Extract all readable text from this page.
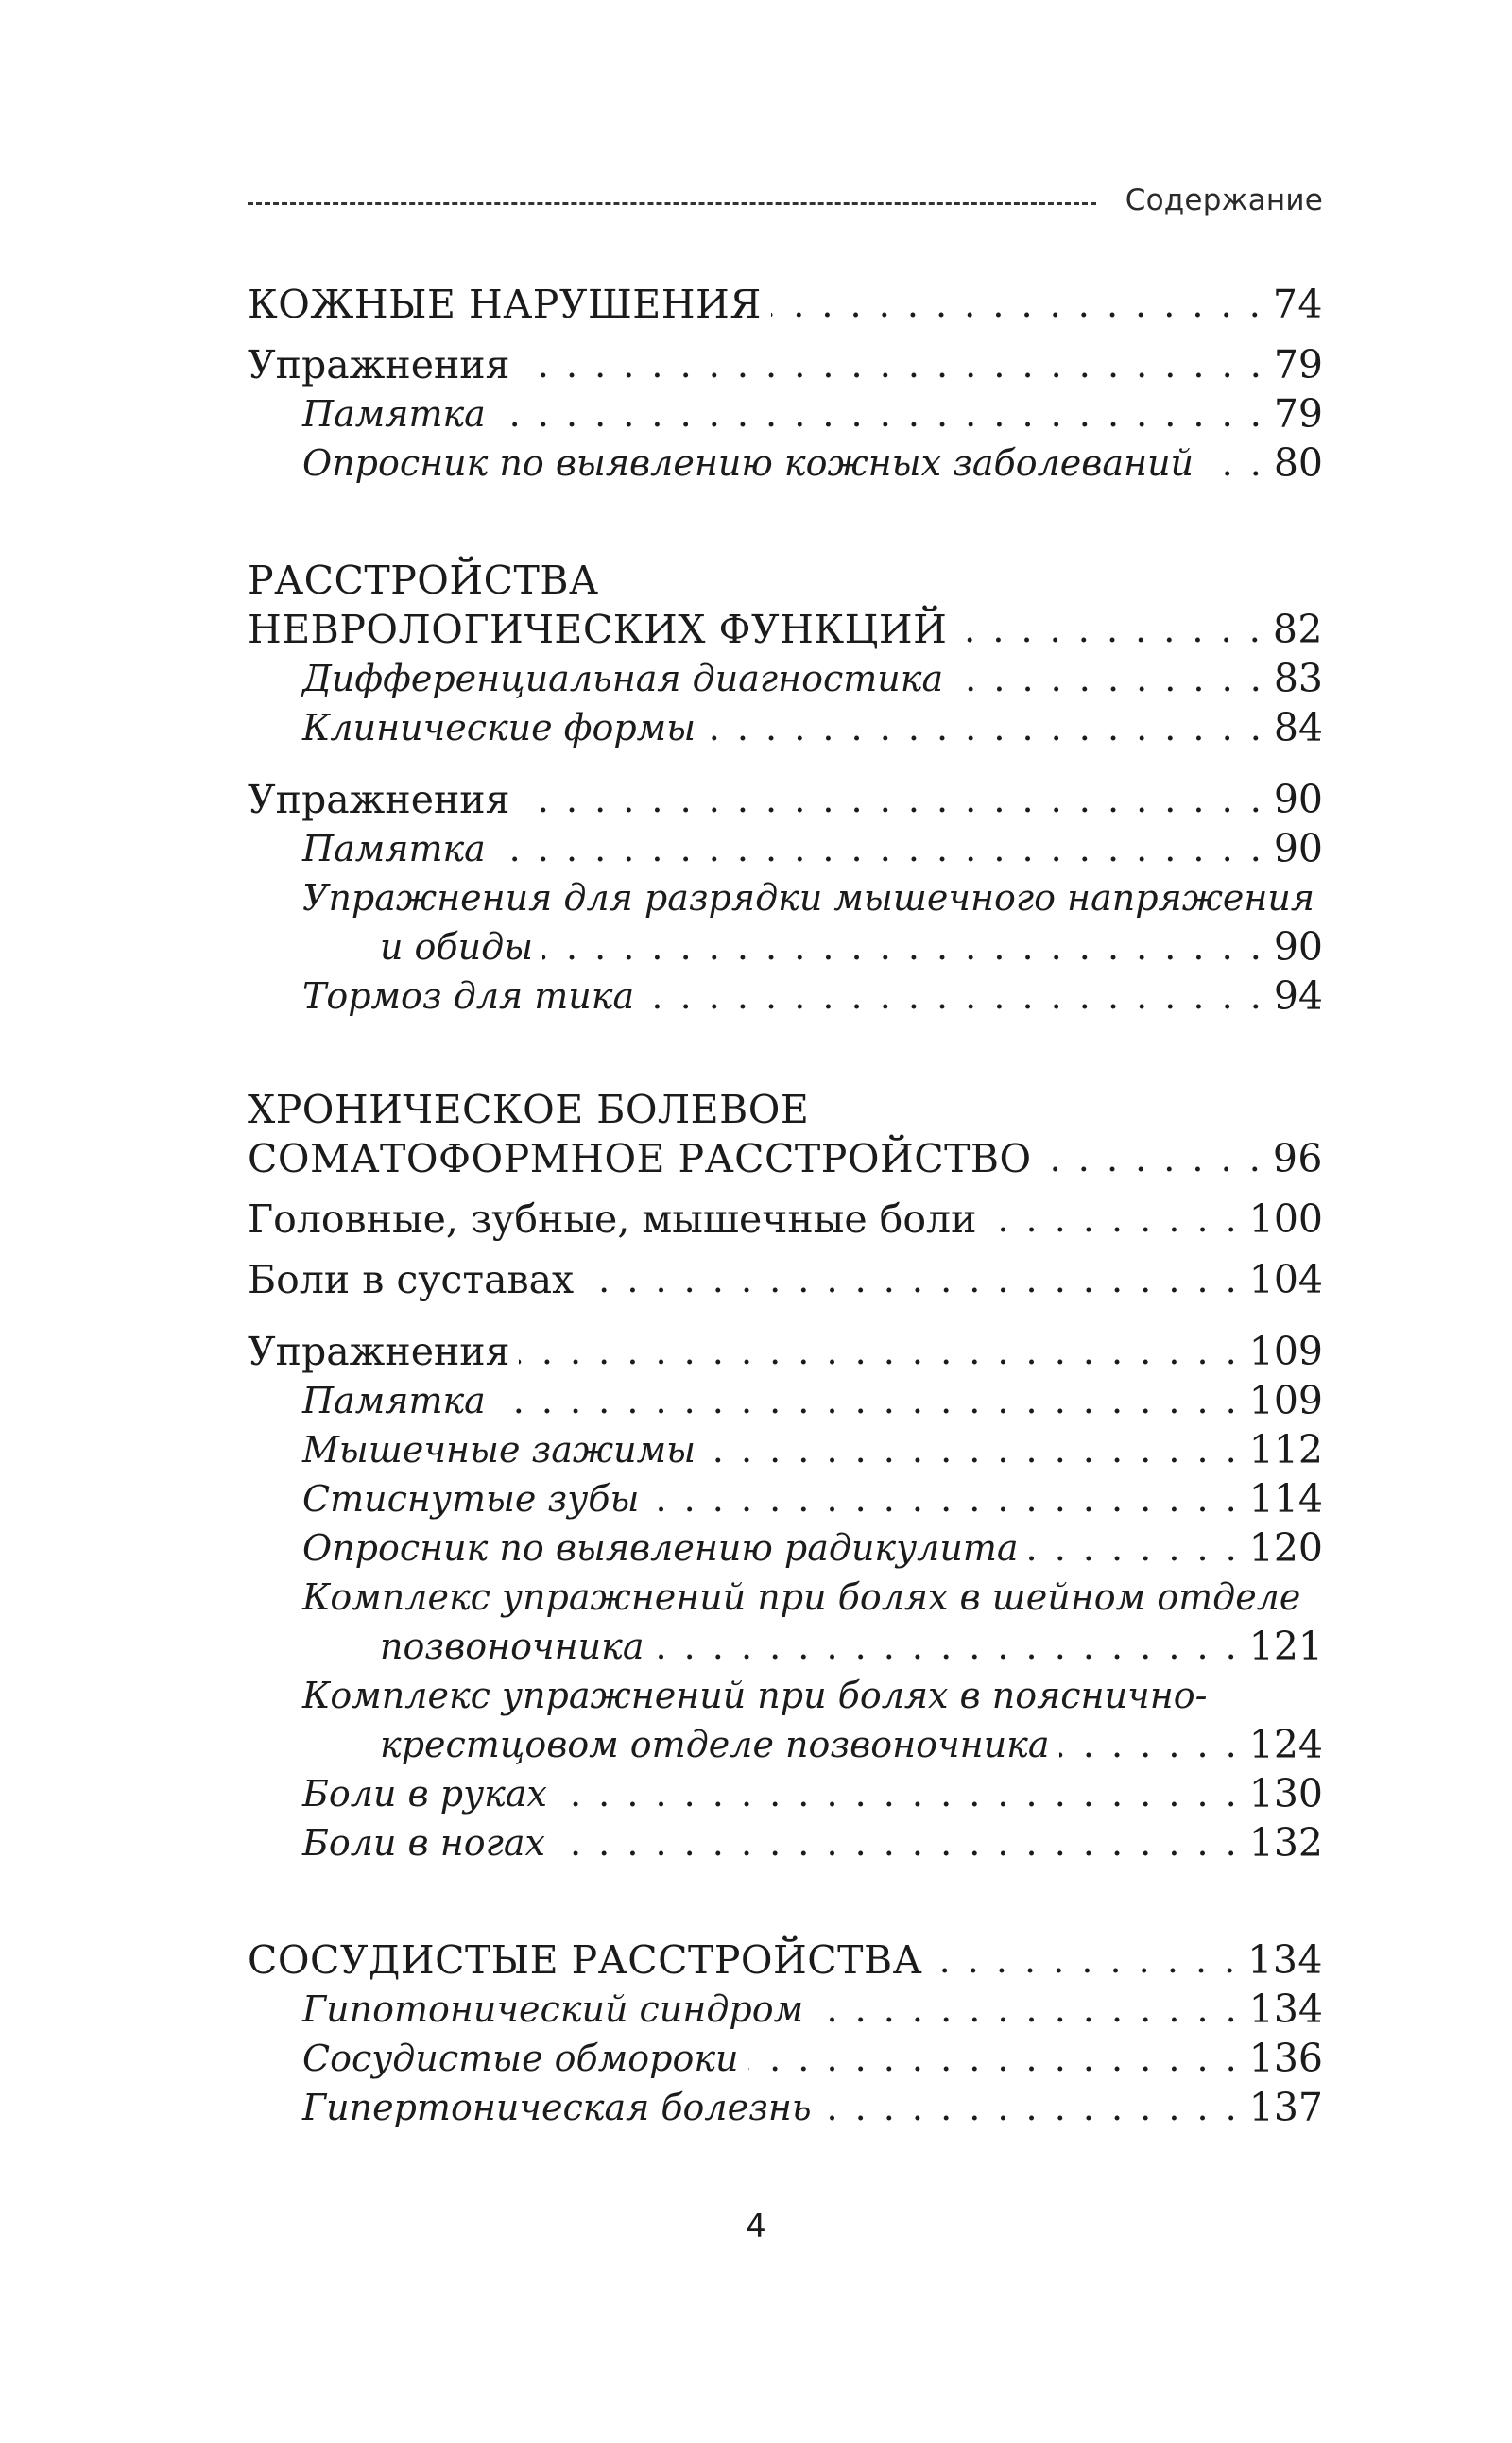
Содержание
КОЖНЫЕ НАРУШЕНИЯ . . .	74
Упражнения . . .	79
Памятка . . .	79
Опросник по выявлению кожных заболеваний . . . 80
РАССТРОЙСТВА
НЕВРОЛОГИЧЕСКИХ ФУНКЦИЙ . . .	82
Дифференциальная диагностика . . .	83
Клинические формы . . .	84
Упражнения . . .	90
Памятка . . .	90
Упражнения для разрядки мышечного напряжения
и обиды . . .	90
Тормоз для тика . . .	94
ХРОНИЧЕСКОЕ БОЛЕВОЕ
СОМАТОФОРМНОЕ РАССТРОЙСТВО . . .	96
Головные, зубные, мышечные боли . . .	100
Боли в суставах . . .	104
Упражнения . . .	109
Памятка . . .	109
Мышечные зажимы . . .	112
Стиснутые зубы . . .	114
Опросник по выявлению радикулита . . .	120
Комплекс упражнений при болях в шейном отделе
позвоночника . . .	121
Комплекс упражнений при болях в пояснично-
крестцовом отделе позвоночника . . .	124
Боли в руках . . .	130
Боли в ногах . . .	132
СОСУДИСТЫЕ РАССТРОЙСТВА . . .	134
Гипотонический синдром . . .	134
Сосудистые обмороки . . .	136
Гипертоническая болезнь . . .	137
4
